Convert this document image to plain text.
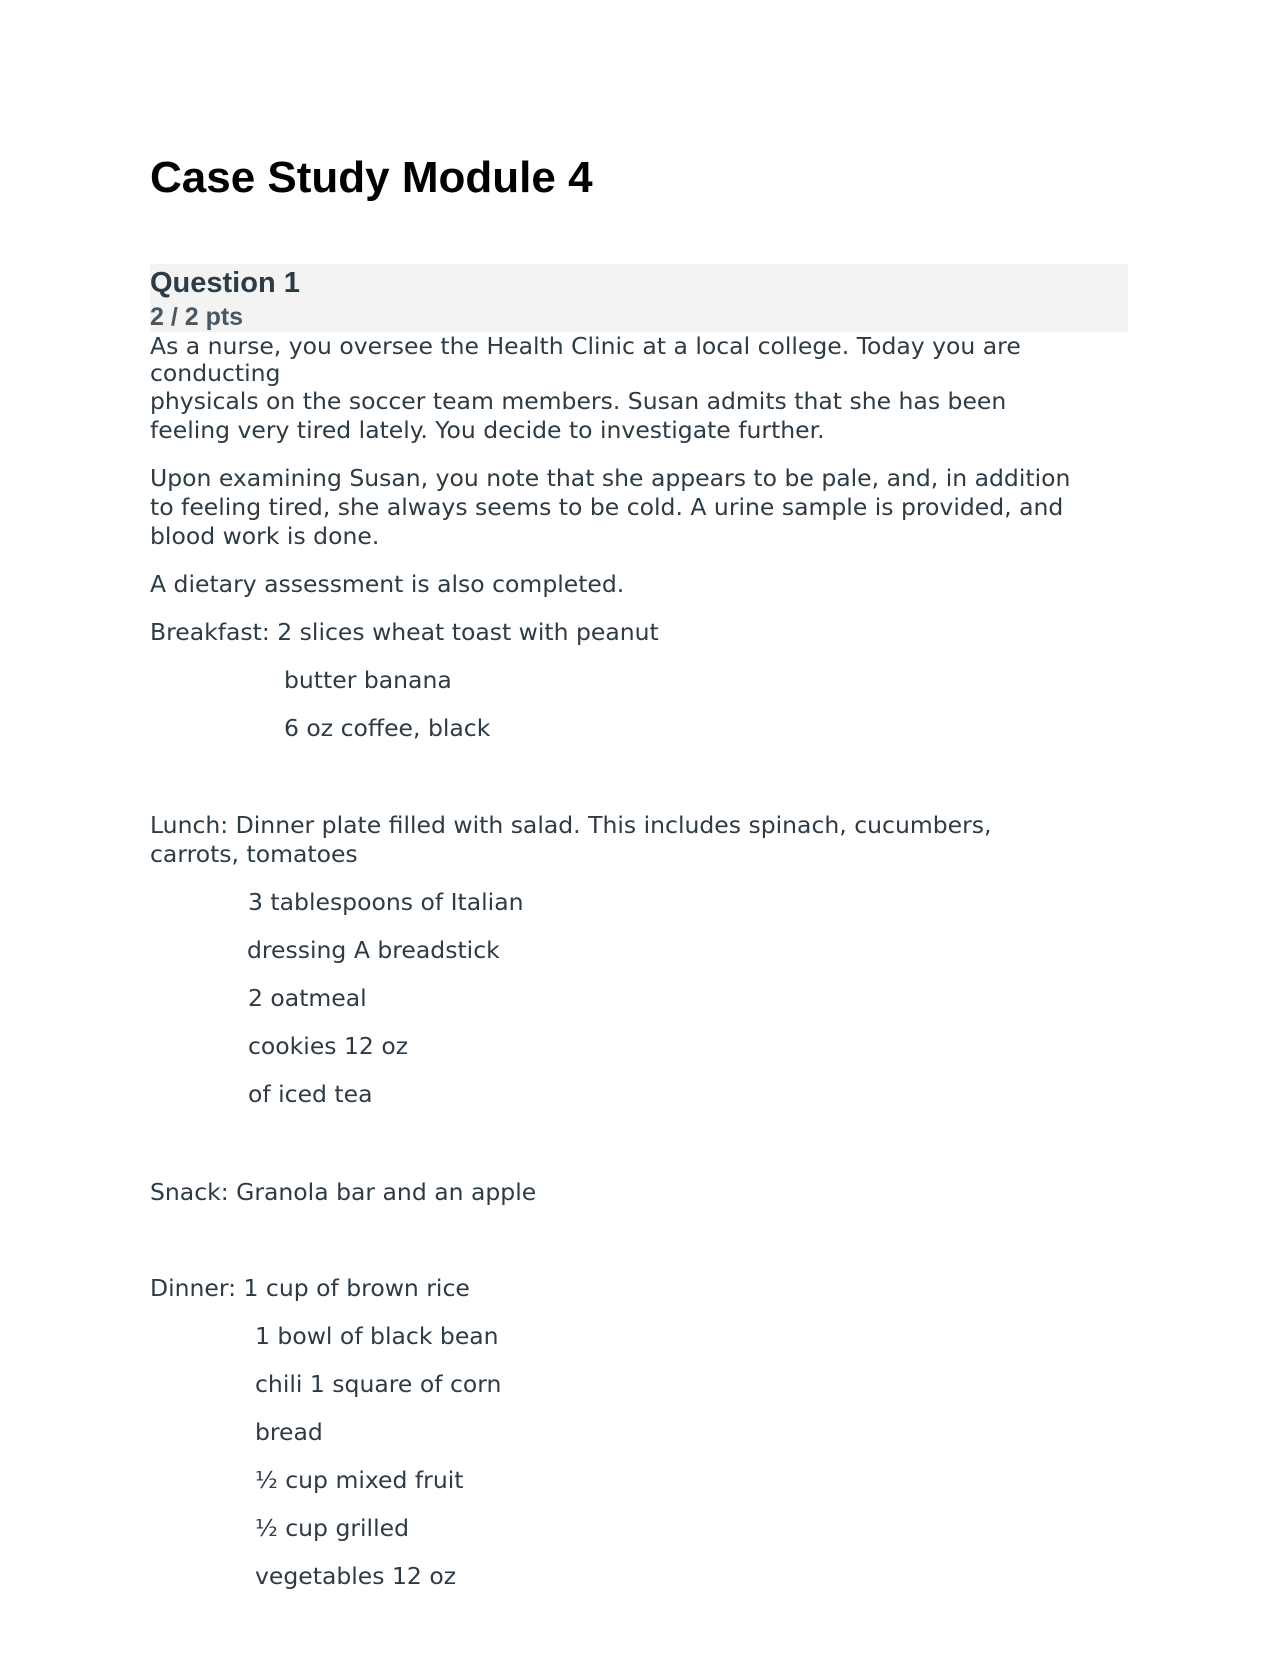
Case Study Module 4
Question 1
2 / 2 pts
As a nurse, you oversee the Health Clinic at a local college. Today you are
conducting
physicals on the soccer team members. Susan admits that she has been
feeling very tired lately. You decide to investigate further.
Upon examining Susan, you note that she appears to be pale, and, in addition
to feeling tired, she always seems to be cold. A urine sample is provided, and
blood work is done.
A dietary assessment is also completed.
Breakfast: 2 slices wheat toast with peanut
butter banana
6 oz coffee, black
Lunch: Dinner plate filled with salad. This includes spinach, cucumbers,
carrots, tomatoes
3 tablespoons of Italian
dressing A breadstick
2 oatmeal
cookies 12 oz
of iced tea
Snack: Granola bar and an apple
Dinner: 1 cup of brown rice
1 bowl of black bean
chili 1 square of corn
bread
½ cup mixed fruit
½ cup grilled
vegetables 12 oz
